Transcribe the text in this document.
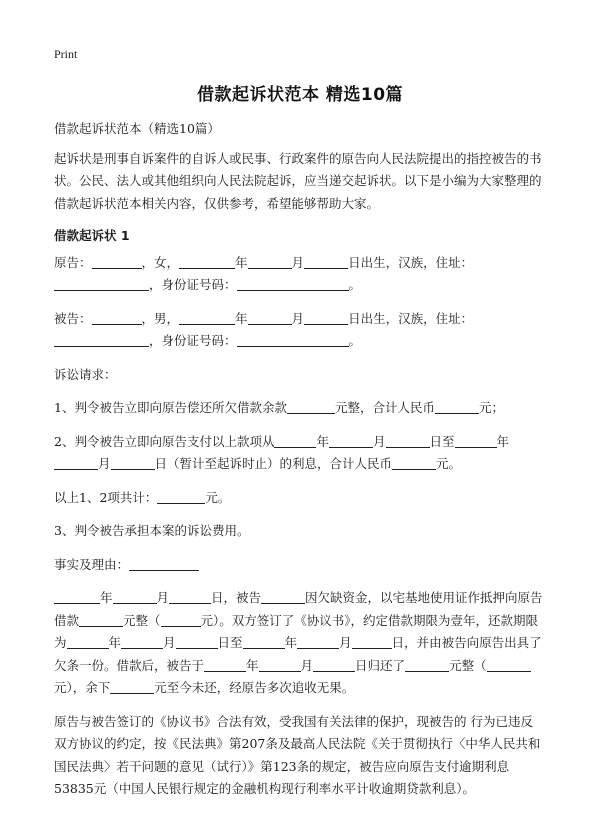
Print
借款起诉状范本 精选10篇

借款起诉状范本（精选10篇）

起诉状是刑事自诉案件的自诉人或民事、行政案件的原告向人民法院提出的指控被告的书状。公民、法人或其他组织向人民法院起诉，应当递交起诉状。以下是小编为大家整理的借款起诉状范本相关内容，仅供参考，希望能够帮助大家。

借款起诉状 1

原告：	，女，	年	月	日出生，汉族，住址：，身份证号码：	。

被告：	，男，	年	月	日出生，汉族，住址：，身份证号码：	。

诉讼请求：

1、判令被告立即向原告偿还所欠借款余款	元整，合计人民币	元；

2、判令被告立即向原告支付以上款项从	年	月	日至	年月	日（暂计至起诉时止）的利息，合计人民币	元。

以上1、2项共计：	元。

3、判令被告承担本案的诉讼费用。

事实及理由：

年	月	日，被告	因欠缺资金，以宅基地使用证作抵押向原告借款	元整（	元）。双方签订了《协议书》，约定借款期限为壹年，还款期限为	年	月	日至	年	月	日，并由被告向原告出具了欠条一份。借款后，被告于	年	月	日归还了	元整（元），余下	元至今未还，经原告多次追收无果。

原告与被告签订的《协议书》合法有效，受我国有关法律的保护，现被告的 行为已违反双方协议的约定，按《民法典》第207条及最高人民法院《关于贯彻执行〈中华人民共和国民法典〉若干问题的意见（试行）》第123条的规定，被告应向原告支付逾期利息53835元（中国人民银行规定的金融机构现行利率水平计收逾期贷款利息）。
